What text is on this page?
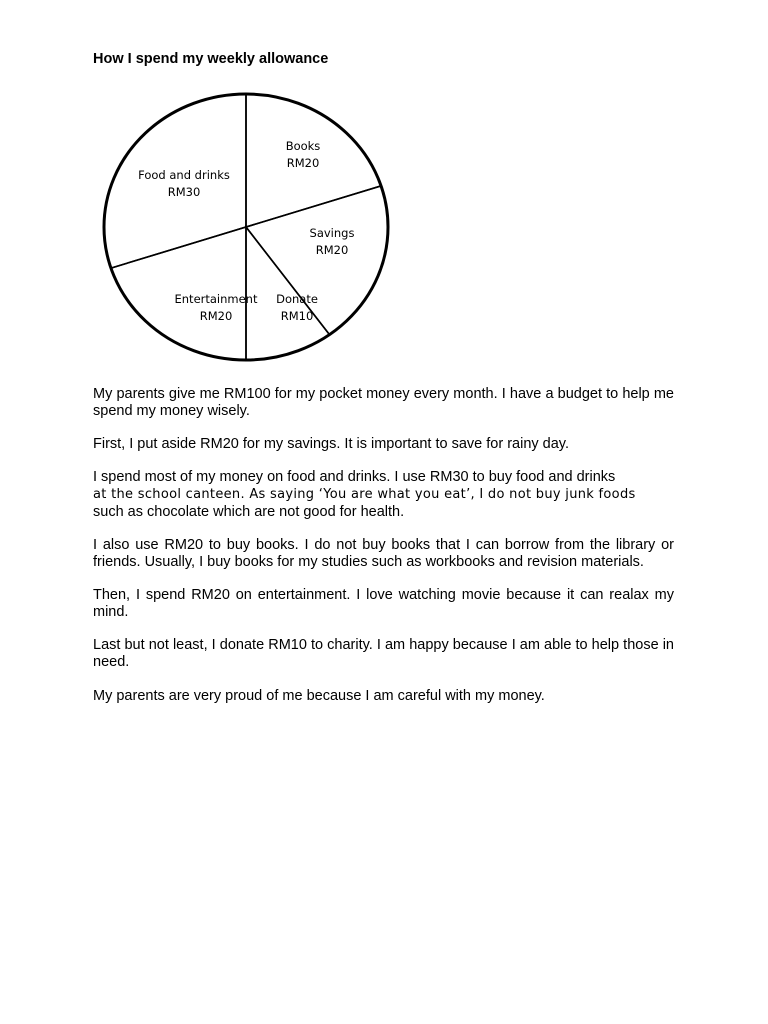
How I spend my weekly allowance
Books
RM20
Savings
RM20
Donate
RM10
Entertainment
RM20
Food and drinks
RM30

My parents give me RM100 for my pocket money every month. I have a budget to help me spend my money wisely.

First, I put aside RM20 for my savings. It is important to save for rainy day.

I spend most of my money on food and drinks. I use RM30 to buy food and drinks
at the school canteen. As saying ‘You are what you eat’, I do not buy junk foods
such as chocolate which are not good for health.

I also use RM20 to buy books. I do not buy books that I can borrow from the library or friends. Usually, I buy books for my studies such as workbooks and revision materials.

Then, I spend RM20 on entertainment. I love watching movie because it can realax my mind.

Last but not least, I donate RM10 to charity. I am happy because I am able to help those in need.

My parents are very proud of me because I am careful with my money.
